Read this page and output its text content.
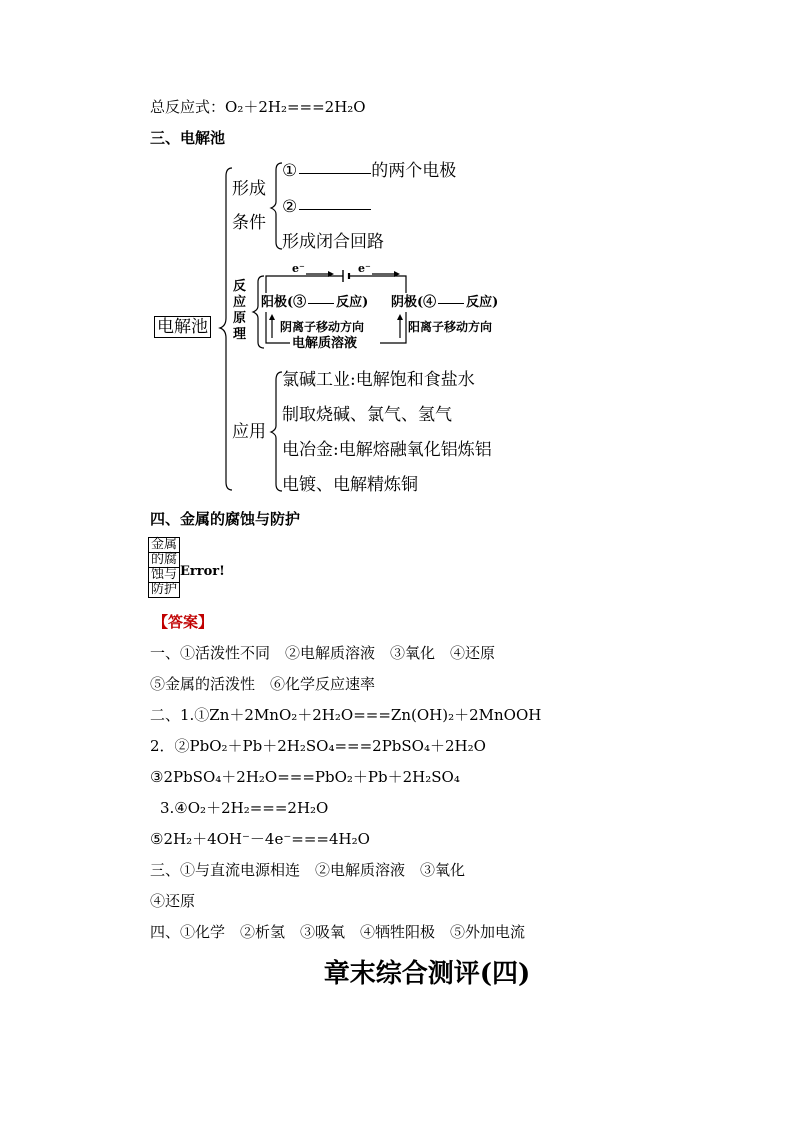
总反应式：O₂＋2H₂===2H₂O
三、电解池
电解池
形成
条件
①	的两个电极
②
形成闭合回路
反
应
原
理
e⁻	e⁻
阳极(③ 反应) 阴极(④ 反应)
阴离子移动方向	阳离子移动方向
电解质溶液
应用
氯碱工业:电解饱和食盐水
制取烧碱、氯气、氢气
电冶金:电解熔融氧化铝炼铝
电镀、电解精炼铜
四、金属的腐蚀与防护
金属
的腐
蚀与
防护
Error!
【答案】
一、①活泼性不同　②电解质溶液　③氧化　④还原
⑤金属的活泼性　⑥化学反应速率
二、1.①Zn＋2MnO₂＋2H₂O===Zn(OH)₂＋2MnOOH
2．②PbO₂＋Pb＋2H₂SO₄===2PbSO₄＋2H₂O
③2PbSO₄＋2H₂O===PbO₂＋Pb＋2H₂SO₄
3.④O₂＋2H₂===2H₂O
⑤2H₂＋4OH⁻－4e⁻===4H₂O
三、①与直流电源相连　②电解质溶液　③氧化
④还原
四、①化学　②析氢　③吸氧　④牺牲阳极　⑤外加电流
章末综合测评(四)
